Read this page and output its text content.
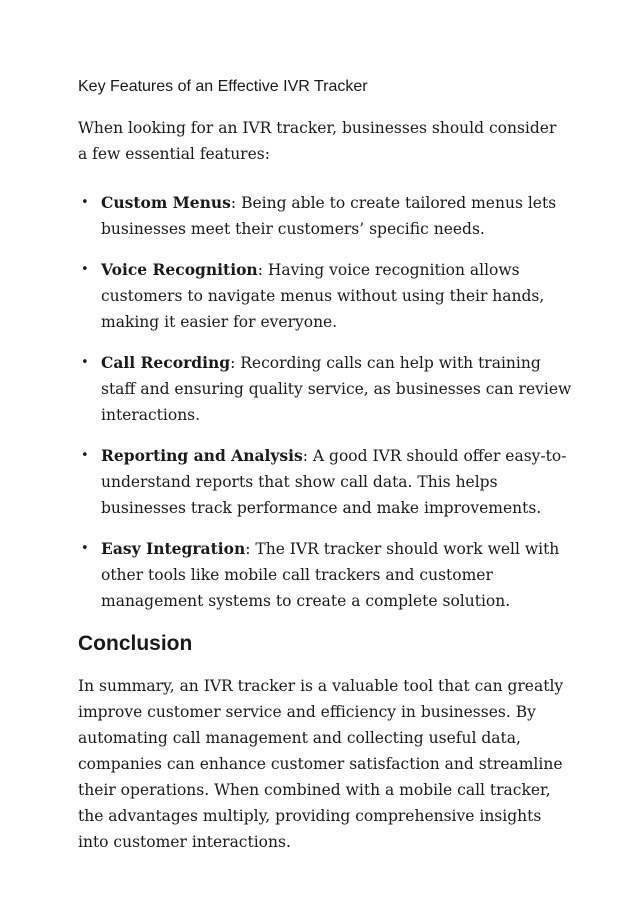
Key Features of an Effective IVR Tracker

When looking for an IVR tracker, businesses should consider a few essential features:

• Custom Menus: Being able to create tailored menus lets businesses meet their customers’ specific needs.
• Voice Recognition: Having voice recognition allows customers to navigate menus without using their hands, making it easier for everyone.
• Call Recording: Recording calls can help with training staff and ensuring quality service, as businesses can review interactions.
• Reporting and Analysis: A good IVR should offer easy-to-understand reports that show call data. This helps businesses track performance and make improvements.
• Easy Integration: The IVR tracker should work well with other tools like mobile call trackers and customer management systems to create a complete solution.
Conclusion

In summary, an IVR tracker is a valuable tool that can greatly improve customer service and efficiency in businesses. By automating call management and collecting useful data, companies can enhance customer satisfaction and streamline their operations. When combined with a mobile call tracker, the advantages multiply, providing comprehensive insights into customer interactions.
